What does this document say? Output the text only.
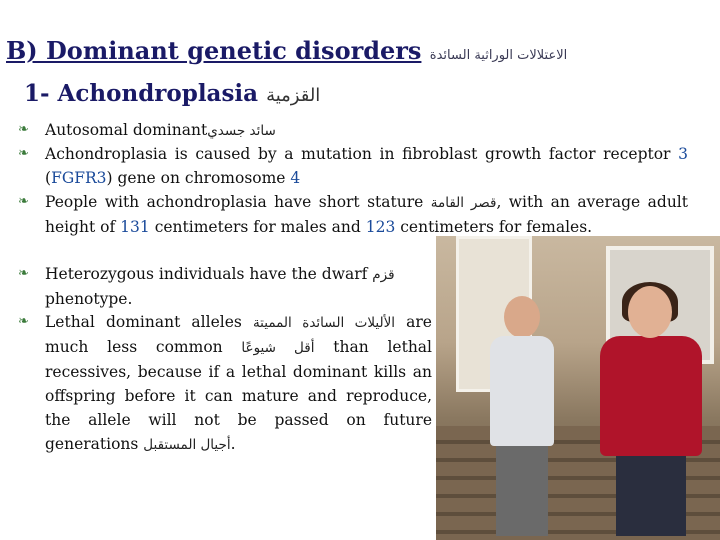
B) Dominant genetic disorders الاعتلالات الوراثية السائدة
1- Achondroplasia القزمية
❧	Autosomal dominantسائد جسدي
❧	Achondroplasia is caused by a mutation in fibroblast growth factor receptor 3 (FGFR3) gene on chromosome 4
❧	People with achondroplasia have short stature قصر القامة, with an average adult height of 131 centimeters for males and 123 centimeters for females.
❧	Heterozygous individuals have the dwarf قزم phenotype.
❧	Lethal dominant alleles الأليلات السائدة المميتة are much less common أقل شيوعًا than lethal recessives, because if a lethal dominant kills an offspring before it can mature and reproduce, the allele will not be passed on future generations أجيال المستقبل.
